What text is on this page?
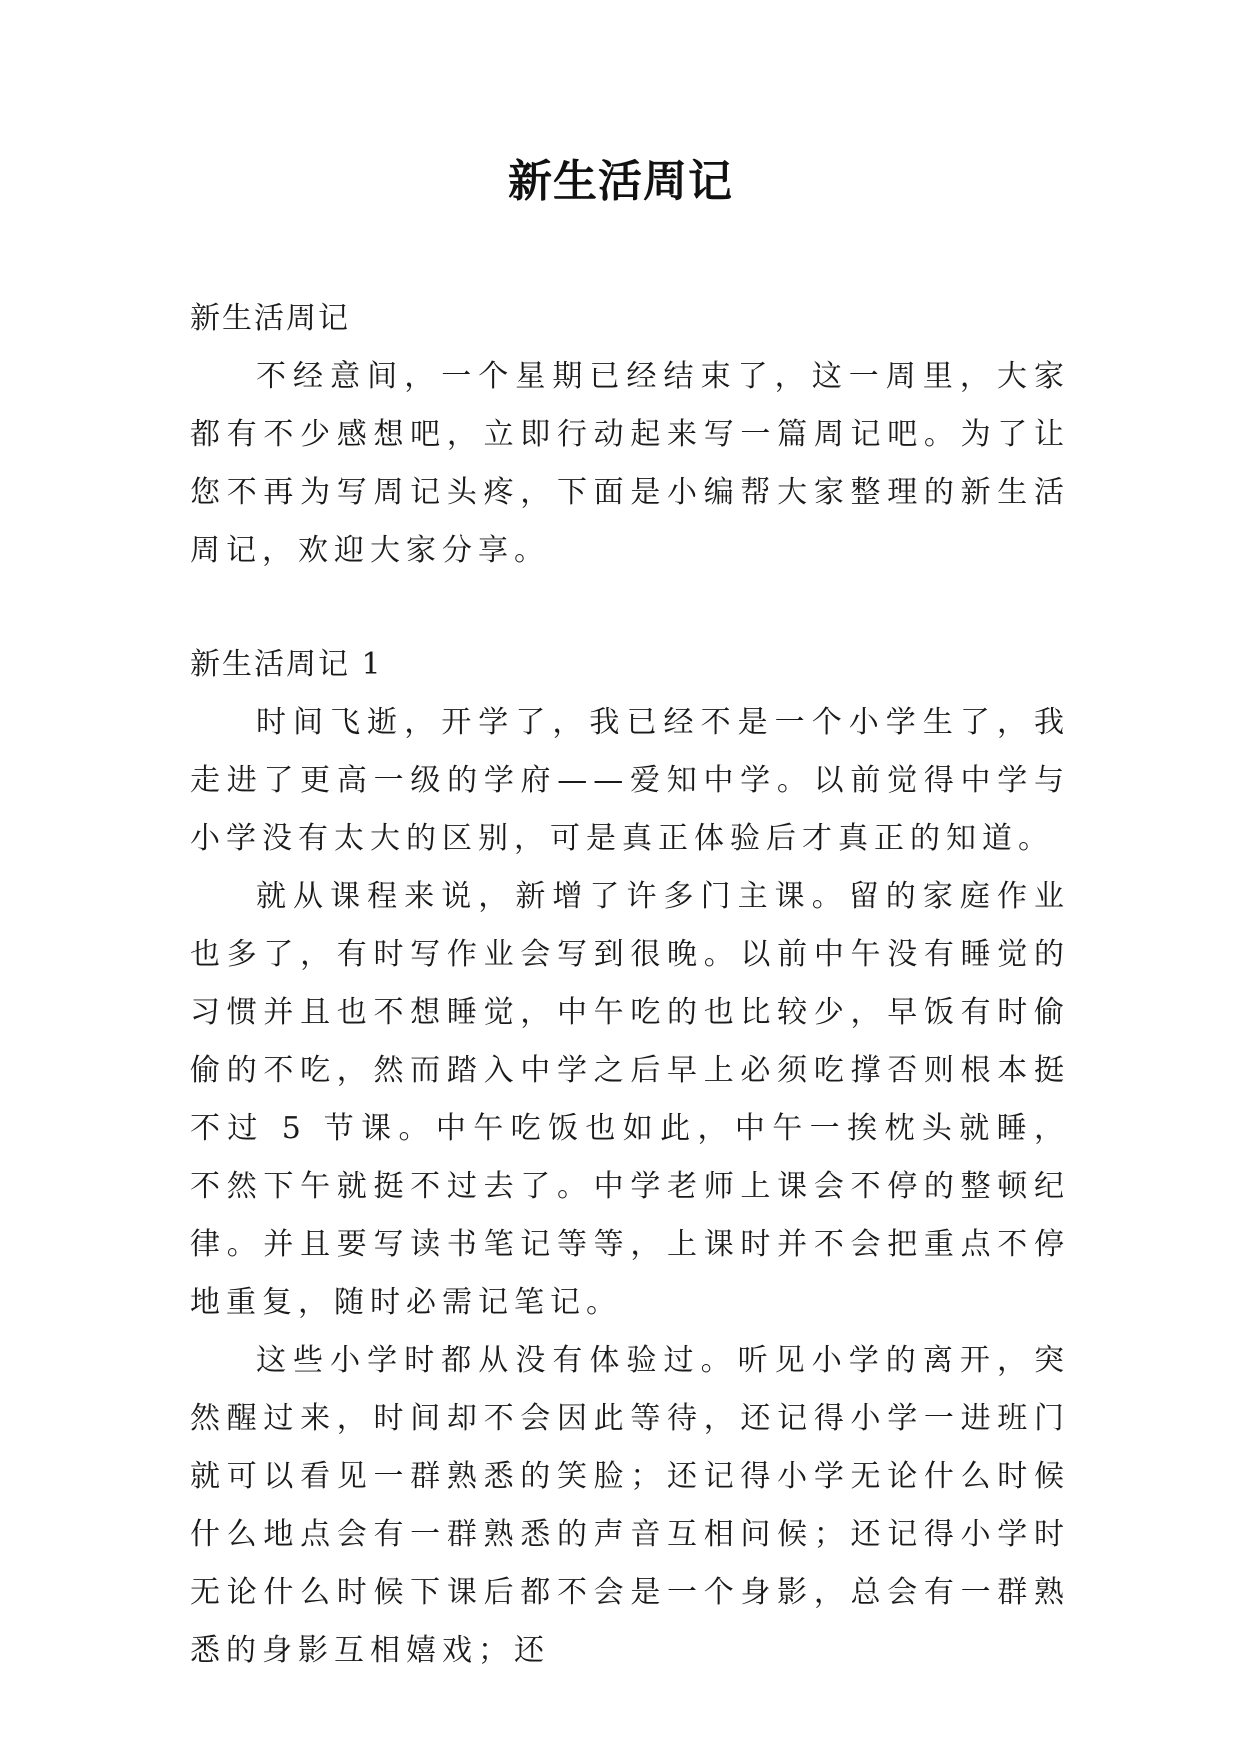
新生活周记

新生活周记

不经意间，一个星期已经结束了，这一周里，大家都有不少感想吧，立即行动起来写一篇周记吧。为了让您不再为写周记头疼，下面是小编帮大家整理的新生活周记，欢迎大家分享。

新生活周记 1

时间飞逝，开学了，我已经不是一个小学生了，我走进了更高一级的学府——爱知中学。以前觉得中学与小学没有太大的区别，可是真正体验后才真正的知道。

就从课程来说，新增了许多门主课。留的家庭作业也多了，有时写作业会写到很晚。以前中午没有睡觉的习惯并且也不想睡觉，中午吃的也比较少，早饭有时偷偷的不吃，然而踏入中学之后早上必须吃撑否则根本挺不过 5 节课。中午吃饭也如此，中午一挨枕头就睡，不然下午就挺不过去了。中学老师上课会不停的整顿纪律。并且要写读书笔记等等，上课时并不会把重点不停地重复，随时必需记笔记。

这些小学时都从没有体验过。听见小学的离开，突然醒过来，时间却不会因此等待，还记得小学一进班门就可以看见一群熟悉的笑脸；还记得小学无论什么时候什么地点会有一群熟悉的声音互相问候；还记得小学时无论什么时候下课后都不会是一个身影，总会有一群熟悉的身影互相嬉戏；还
